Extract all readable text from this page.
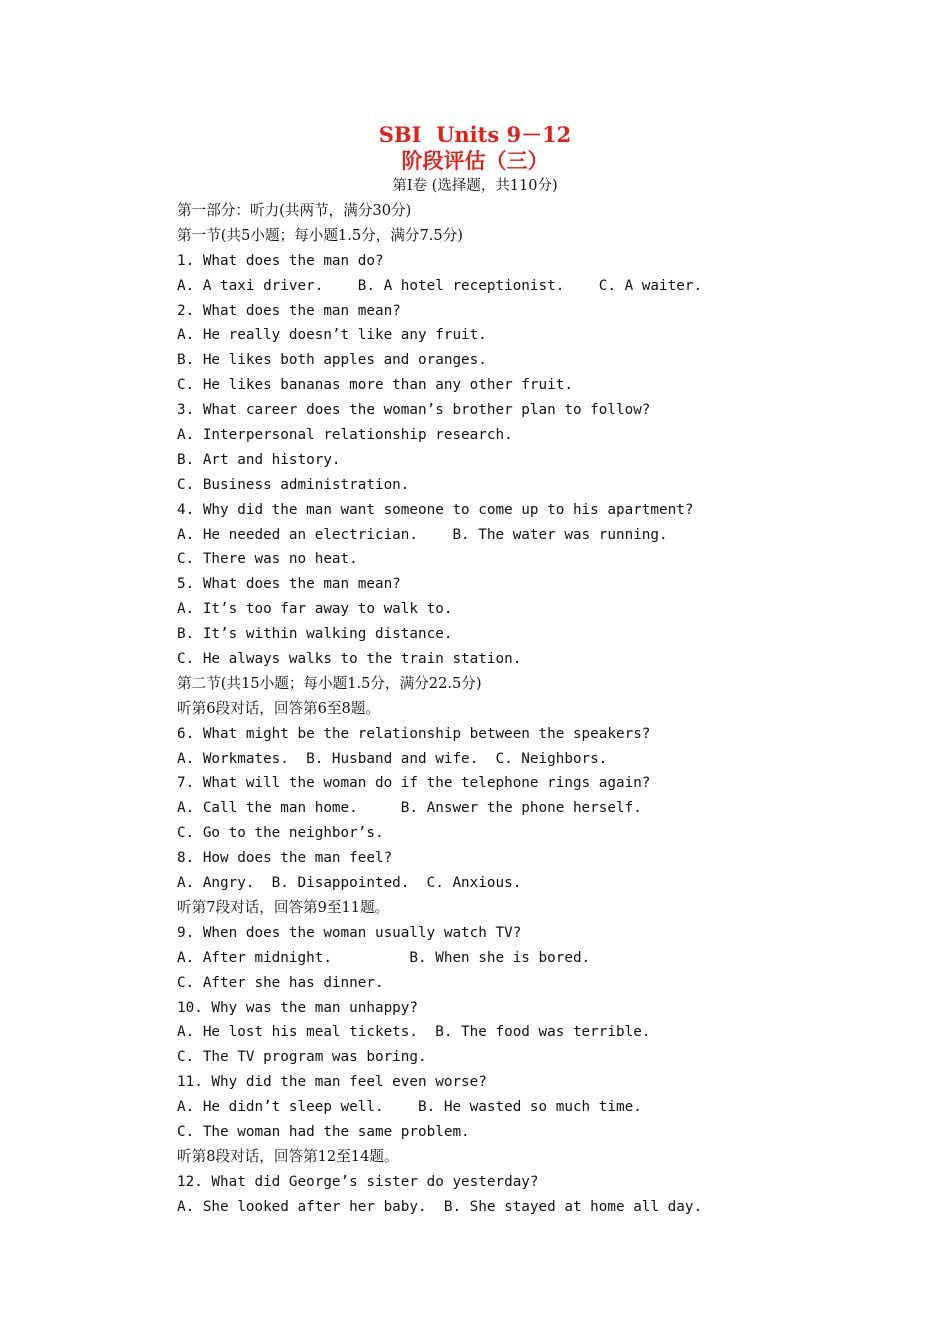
SBⅠ  Units 9－12
阶段评估（三）
第Ⅰ卷 (选择题，共110分)
第一部分：听力(共两节，满分30分)
第一节(共5小题；每小题1.5分，满分7.5分)
1. What does the man do?
A. A taxi driver.    B. A hotel receptionist.    C. A waiter.
2. What does the man mean?
A. He really doesn’t like any fruit.
B. He likes both apples and oranges.
C. He likes bananas more than any other fruit.
3. What career does the woman’s brother plan to follow?
A. Interpersonal relationship research.
B. Art and history.
C. Business administration.
4. Why did the man want someone to come up to his apartment?
A. He needed an electrician.    B. The water was running.
C. There was no heat.
5. What does the man mean?
A. It’s too far away to walk to.
B. It’s within walking distance.
C. He always walks to the train station.
第二节(共15小题；每小题1.5分，满分22.5分)
听第6段对话，回答第6至8题。
6. What might be the relationship between the speakers?
A. Workmates.  B. Husband and wife.  C. Neighbors.
7. What will the woman do if the telephone rings again?
A. Call the man home.     B. Answer the phone herself.
C. Go to the neighbor’s.
8. How does the man feel?
A. Angry.  B. Disappointed.  C. Anxious.
听第7段对话，回答第9至11题。
9. When does the woman usually watch TV?
A. After midnight.         B. When she is bored.
C. After she has dinner.
10. Why was the man unhappy?
A. He lost his meal tickets.  B. The food was terrible.
C. The TV program was boring.
11. Why did the man feel even worse?
A. He didn’t sleep well.    B. He wasted so much time.
C. The woman had the same problem.
听第8段对话，回答第12至14题。
12. What did George’s sister do yesterday?
A. She looked after her baby.  B. She stayed at home all day.
